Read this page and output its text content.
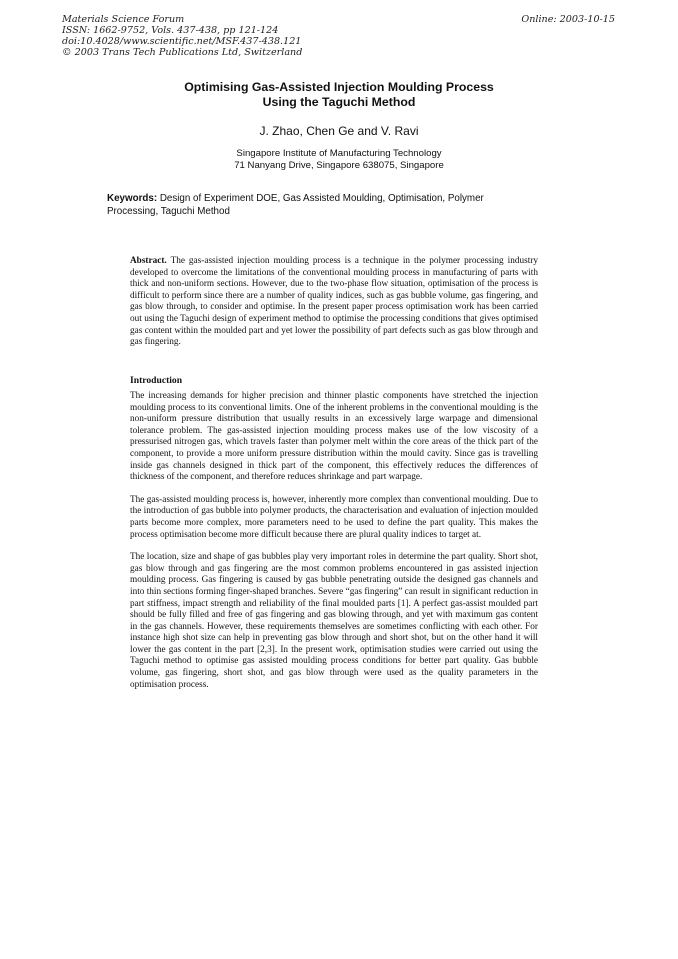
Materials Science Forum
ISSN: 1662-9752, Vols. 437-438, pp 121-124
doi:10.4028/www.scientific.net/MSF.437-438.121
© 2003 Trans Tech Publications Ltd, Switzerland
Online: 2003-10-15
Optimising Gas-Assisted Injection Moulding Process
Using the Taguchi Method
J. Zhao, Chen Ge and V. Ravi
Singapore Institute of Manufacturing Technology
71 Nanyang Drive, Singapore 638075, Singapore
Keywords: Design of Experiment DOE, Gas Assisted Moulding, Optimisation, Polymer Processing, Taguchi Method

Abstract. The gas-assisted injection moulding process is a technique in the polymer processing industry developed to overcome the limitations of the conventional moulding process in manufacturing of parts with thick and non-uniform sections. However, due to the two-phase flow situation, optimisation of the process is difficult to perform since there are a number of quality indices, such as gas bubble volume, gas fingering, and gas blow through, to consider and optimise. In the present paper process optimisation work has been carried out using the Taguchi design of experiment method to optimise the processing conditions that gives optimised gas content within the moulded part and yet lower the possibility of part defects such as gas blow through and gas fingering.

Introduction

The increasing demands for higher precision and thinner plastic components have stretched the injection moulding process to its conventional limits. One of the inherent problems in the conventional moulding is the non-uniform pressure distribution that usually results in an excessively large warpage and dimensional tolerance problem. The gas-assisted injection moulding process makes use of the low viscosity of a pressurised nitrogen gas, which travels faster than polymer melt within the core areas of the thick part of the component, to provide a more uniform pressure distribution within the mould cavity. Since gas is travelling inside gas channels designed in thick part of the component, this effectively reduces the differences of thickness of the component, and therefore reduces shrinkage and part warpage.

The gas-assisted moulding process is, however, inherently more complex than conventional moulding. Due to the introduction of gas bubble into polymer products, the characterisation and evaluation of injection moulded parts become more complex, more parameters need to be used to define the part quality. This makes the process optimisation become more difficult because there are plural quality indices to target at.

The location, size and shape of gas bubbles play very important roles in determine the part quality. Short shot, gas blow through and gas fingering are the most common problems encountered in gas assisted injection moulding process. Gas fingering is caused by gas bubble penetrating outside the designed gas channels and into thin sections forming finger-shaped branches. Severe “gas fingering” can result in significant reduction in part stiffness, impact strength and reliability of the final moulded parts [1]. A perfect gas-assist moulded part should be fully filled and free of gas fingering and gas blowing through, and yet with maximum gas content in the gas channels. However, these requirements themselves are sometimes conflicting with each other. For instance high shot size can help in preventing gas blow through and short shot, but on the other hand it will lower the gas content in the part [2,3]. In the present work, optimisation studies were carried out using the Taguchi method to optimise gas assisted moulding process conditions for better part quality. Gas bubble volume, gas fingering, short shot, and gas blow through were used as the quality parameters in the optimisation process.
